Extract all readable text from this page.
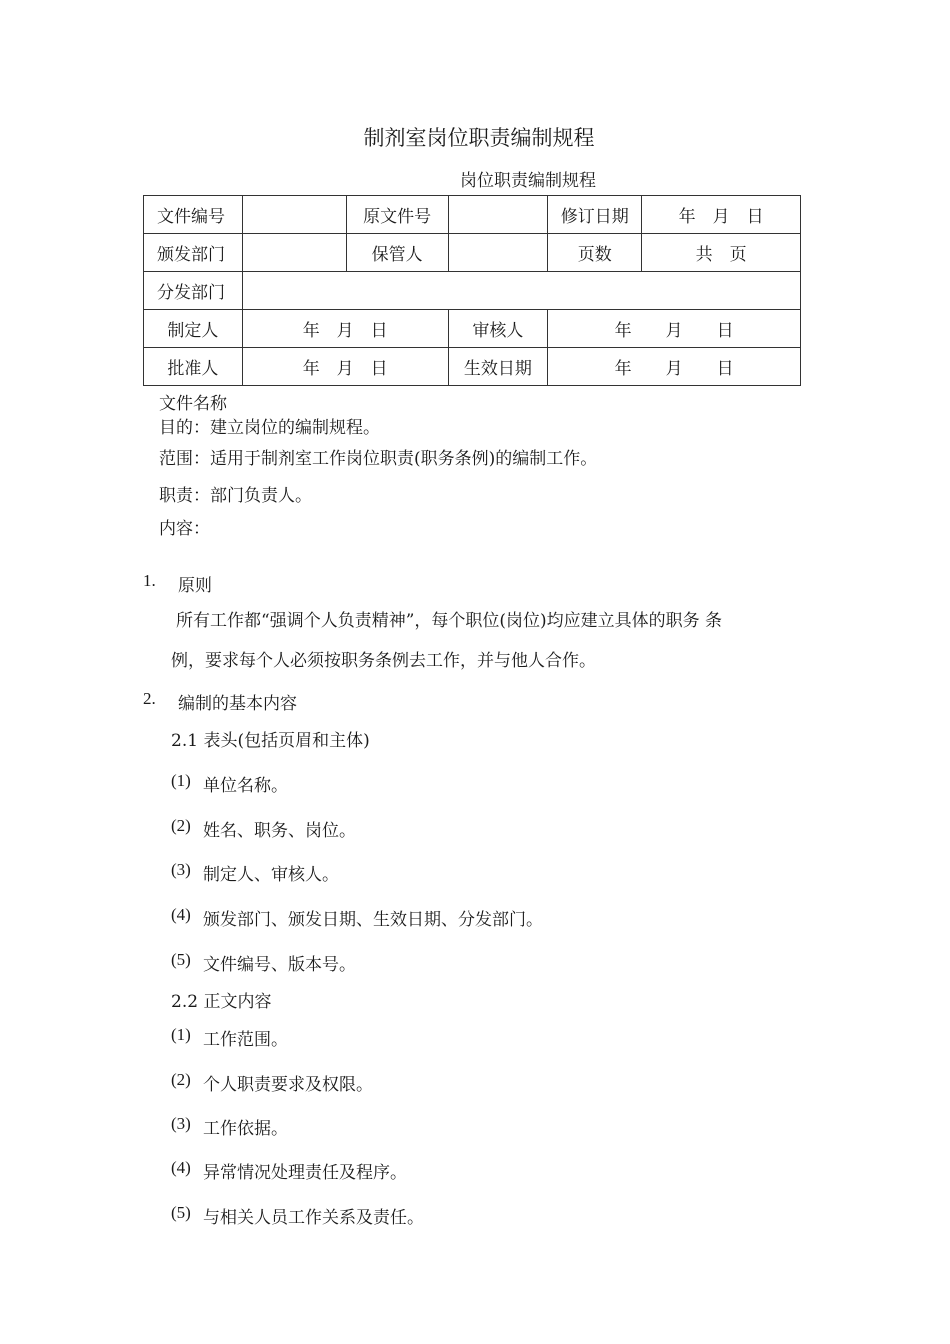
制剂室岗位职责编制规程
岗位职责编制规程
文件编号		原文件号		修订日期	年　月　日
颁发部门		保管人		页数	共　页
分发部门					
制定人	年　月　日		审核人	年　　月　　日	
批准人	年　月　日		生效日期	年　　月　　日	
文件名称
目的：建立岗位的编制规程。
范围：适用于制剂室工作岗位职责(职务条例)的编制工作。
职责：部门负责人。
内容：
1. 原则
所有工作都“强调个人负责精神”，每个职位(岗位)均应建立具体的职务 条
例，要求每个人必须按职务条例去工作，并与他人合作。
2. 编制的基本内容
2.1 表头(包括页眉和主体)
(1) 单位名称。
(2) 姓名、职务、岗位。
(3) 制定人、审核人。
(4) 颁发部门、颁发日期、生效日期、分发部门。
(5) 文件编号、版本号。
2.2 正文内容
(1) 工作范围。
(2) 个人职责要求及权限。
(3) 工作依据。
(4) 异常情况处理责任及程序。
(5) 与相关人员工作关系及责任。
